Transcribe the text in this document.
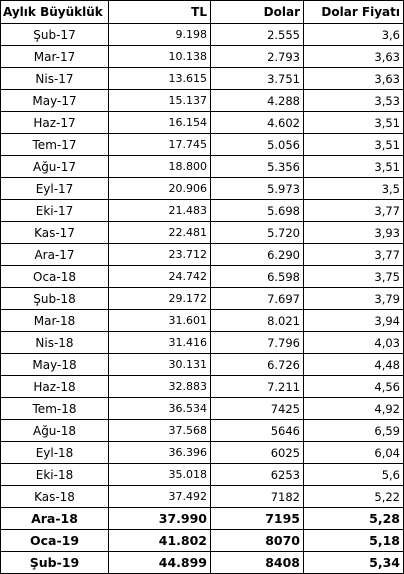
Aylık Büyüklük	TL	Dolar	Dolar Fiyatı
Şub-17	9.198	2.555	3,6
Mar-17	10.138	2.793	3,63
Nis-17	13.615	3.751	3,63
May-17	15.137	4.288	3,53
Haz-17	16.154	4.602	3,51
Tem-17	17.745	5.056	3,51
Ağu-17	18.800	5.356	3,51
Eyl-17	20.906	5.973	3,5
Eki-17	21.483	5.698	3,77
Kas-17	22.481	5.720	3,93
Ara-17	23.712	6.290	3,77
Oca-18	24.742	6.598	3,75
Şub-18	29.172	7.697	3,79
Mar-18	31.601	8.021	3,94
Nis-18	31.416	7.796	4,03
May-18	30.131	6.726	4,48
Haz-18	32.883	7.211	4,56
Tem-18	36.534	7425	4,92
Ağu-18	37.568	5646	6,59
Eyl-18	36.396	6025	6,04
Eki-18	35.018	6253	5,6
Kas-18	37.492	7182	5,22
Ara-18	37.990	7195	5,28
Oca-19	41.802	8070	5,18
Şub-19	44.899	8408	5,34
